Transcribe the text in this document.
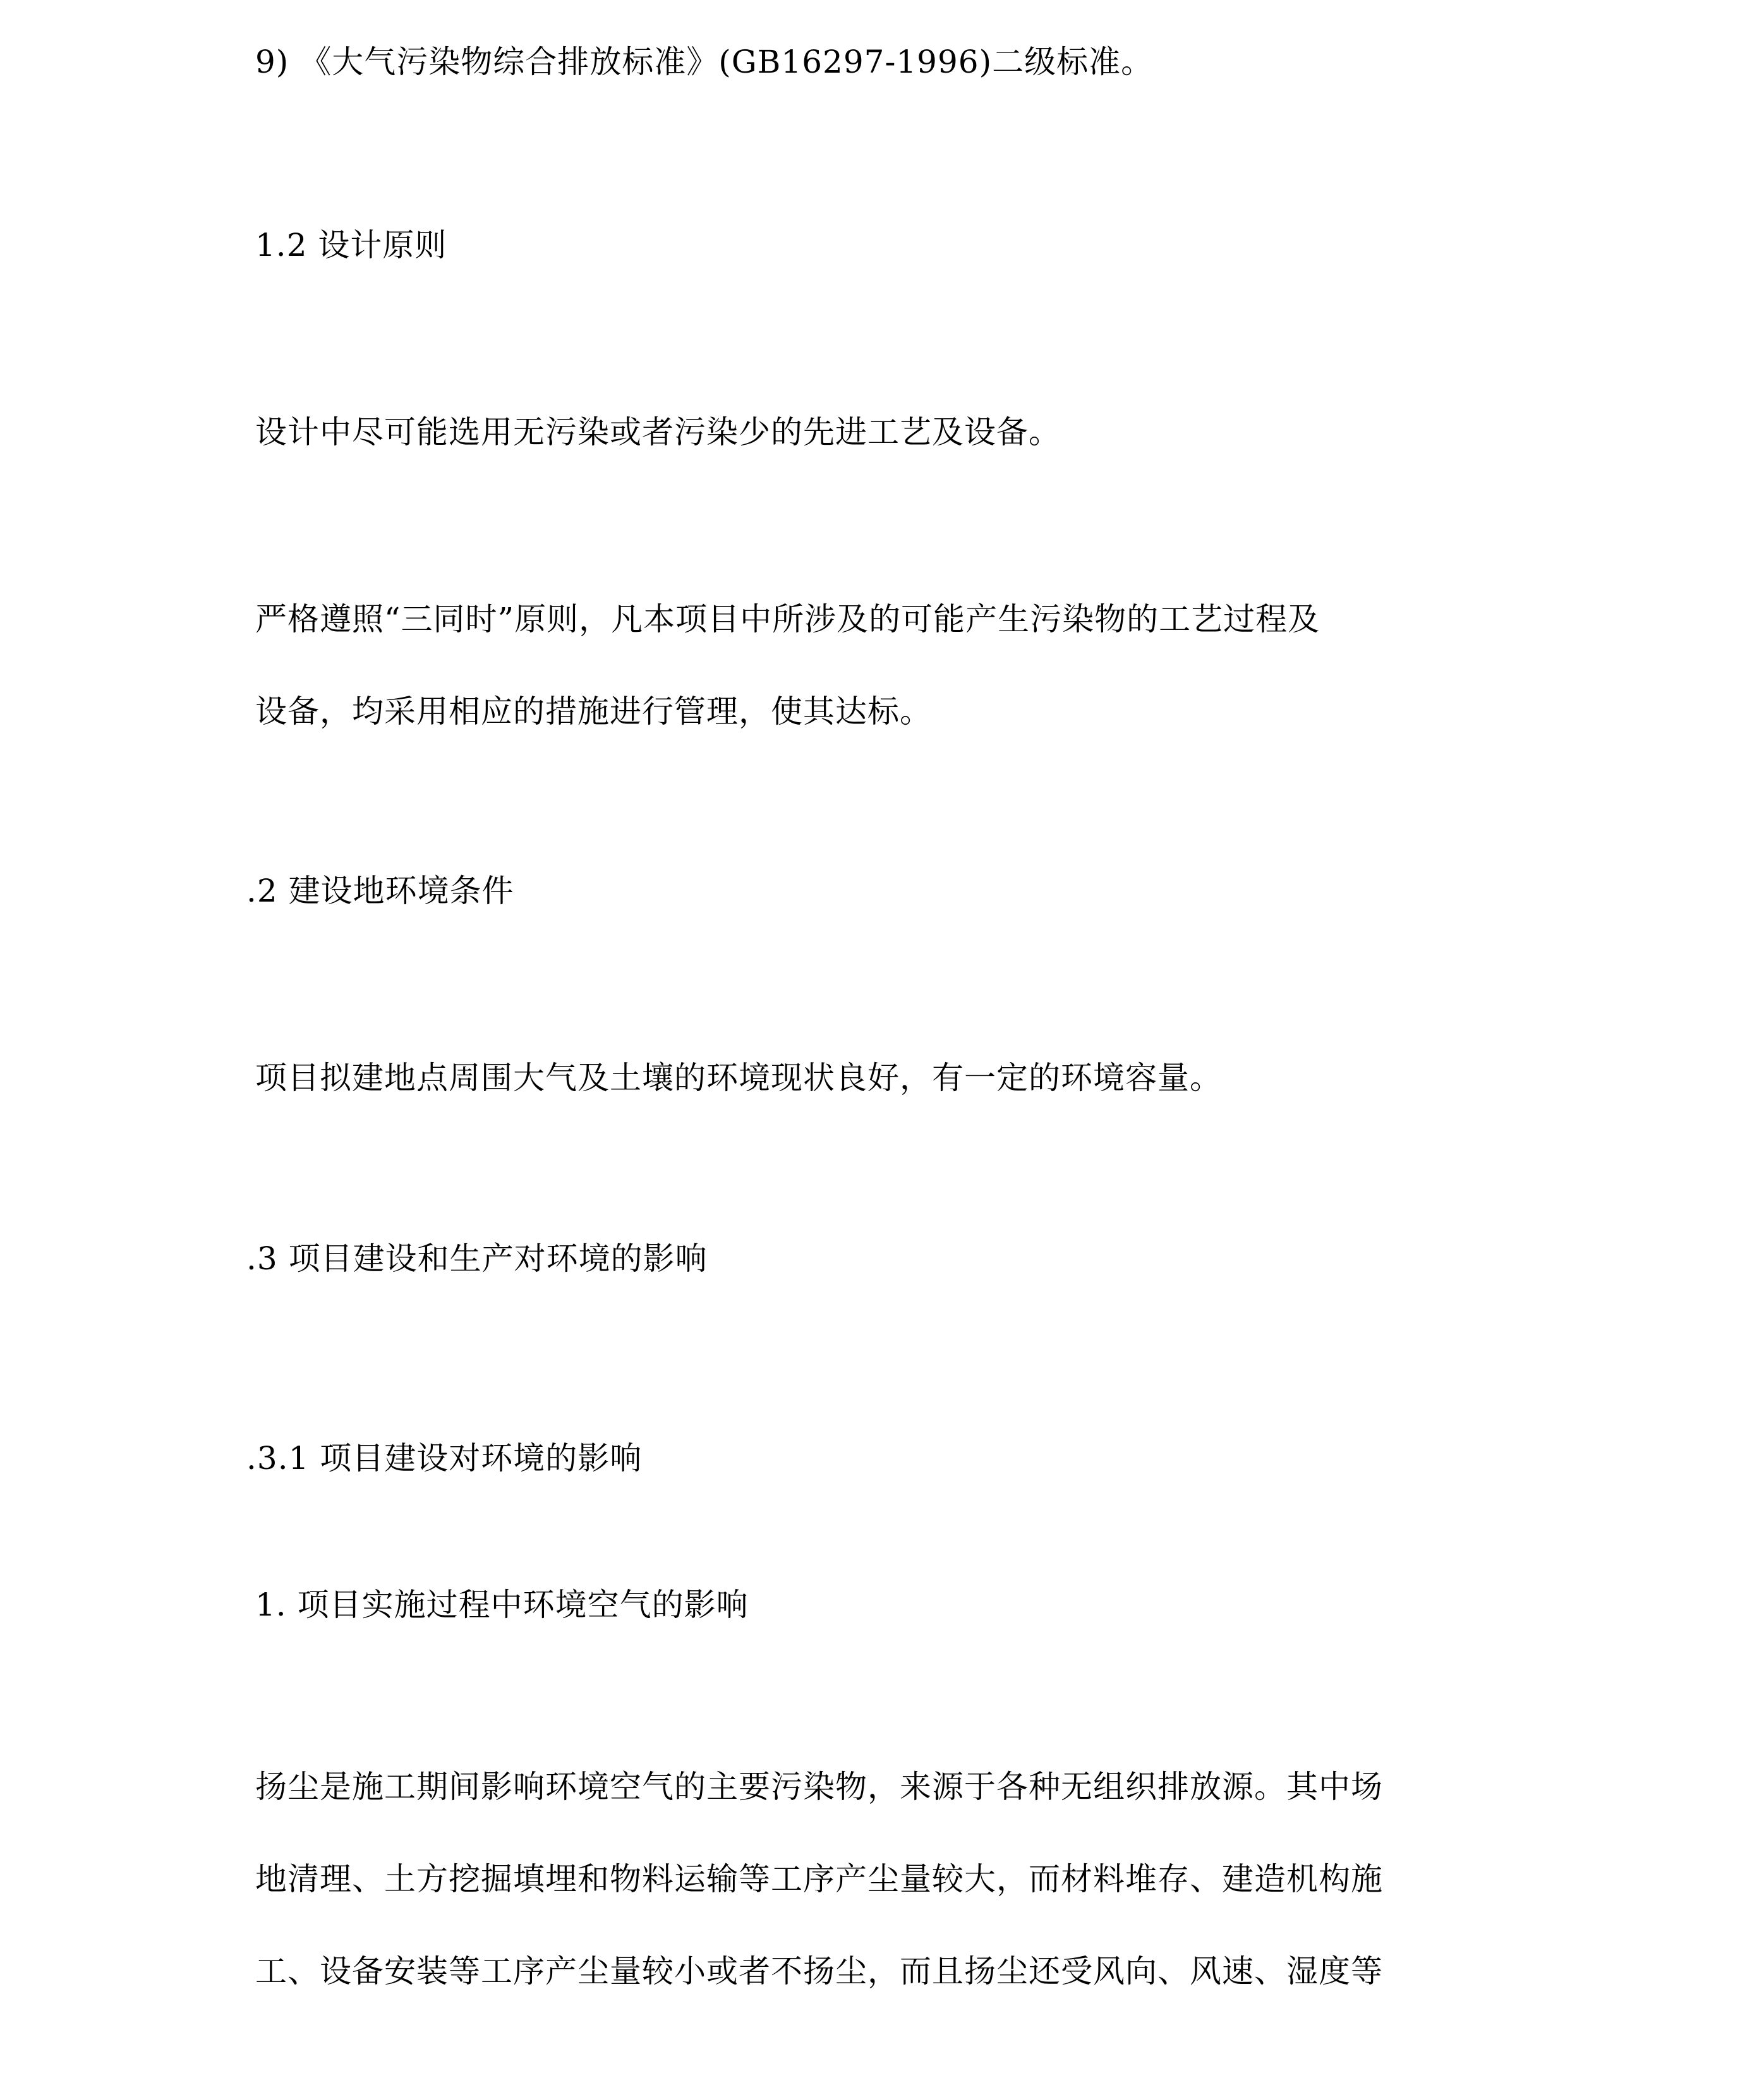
9) 《大气污染物综合排放标准》(GB16297-1996)二级标准。

1.2 设计原则

设计中尽可能选用无污染或者污染少的先进工艺及设备。

严格遵照“三同时”原则，凡本项目中所涉及的可能产生污染物的工艺过程及

设备，均采用相应的措施进行管理，使其达标。

.2 建设地环境条件

项目拟建地点周围大气及土壤的环境现状良好，有一定的环境容量。

.3 项目建设和生产对环境的影响

.3.1 项目建设对环境的影响

1. 项目实施过程中环境空气的影响

扬尘是施工期间影响环境空气的主要污染物，来源于各种无组织排放源。其中场

地清理、土方挖掘填埋和物料运输等工序产尘量较大，而材料堆存、建造机构施

工、设备安装等工序产尘量较小或者不扬尘，而且扬尘还受风向、风速、湿度等
